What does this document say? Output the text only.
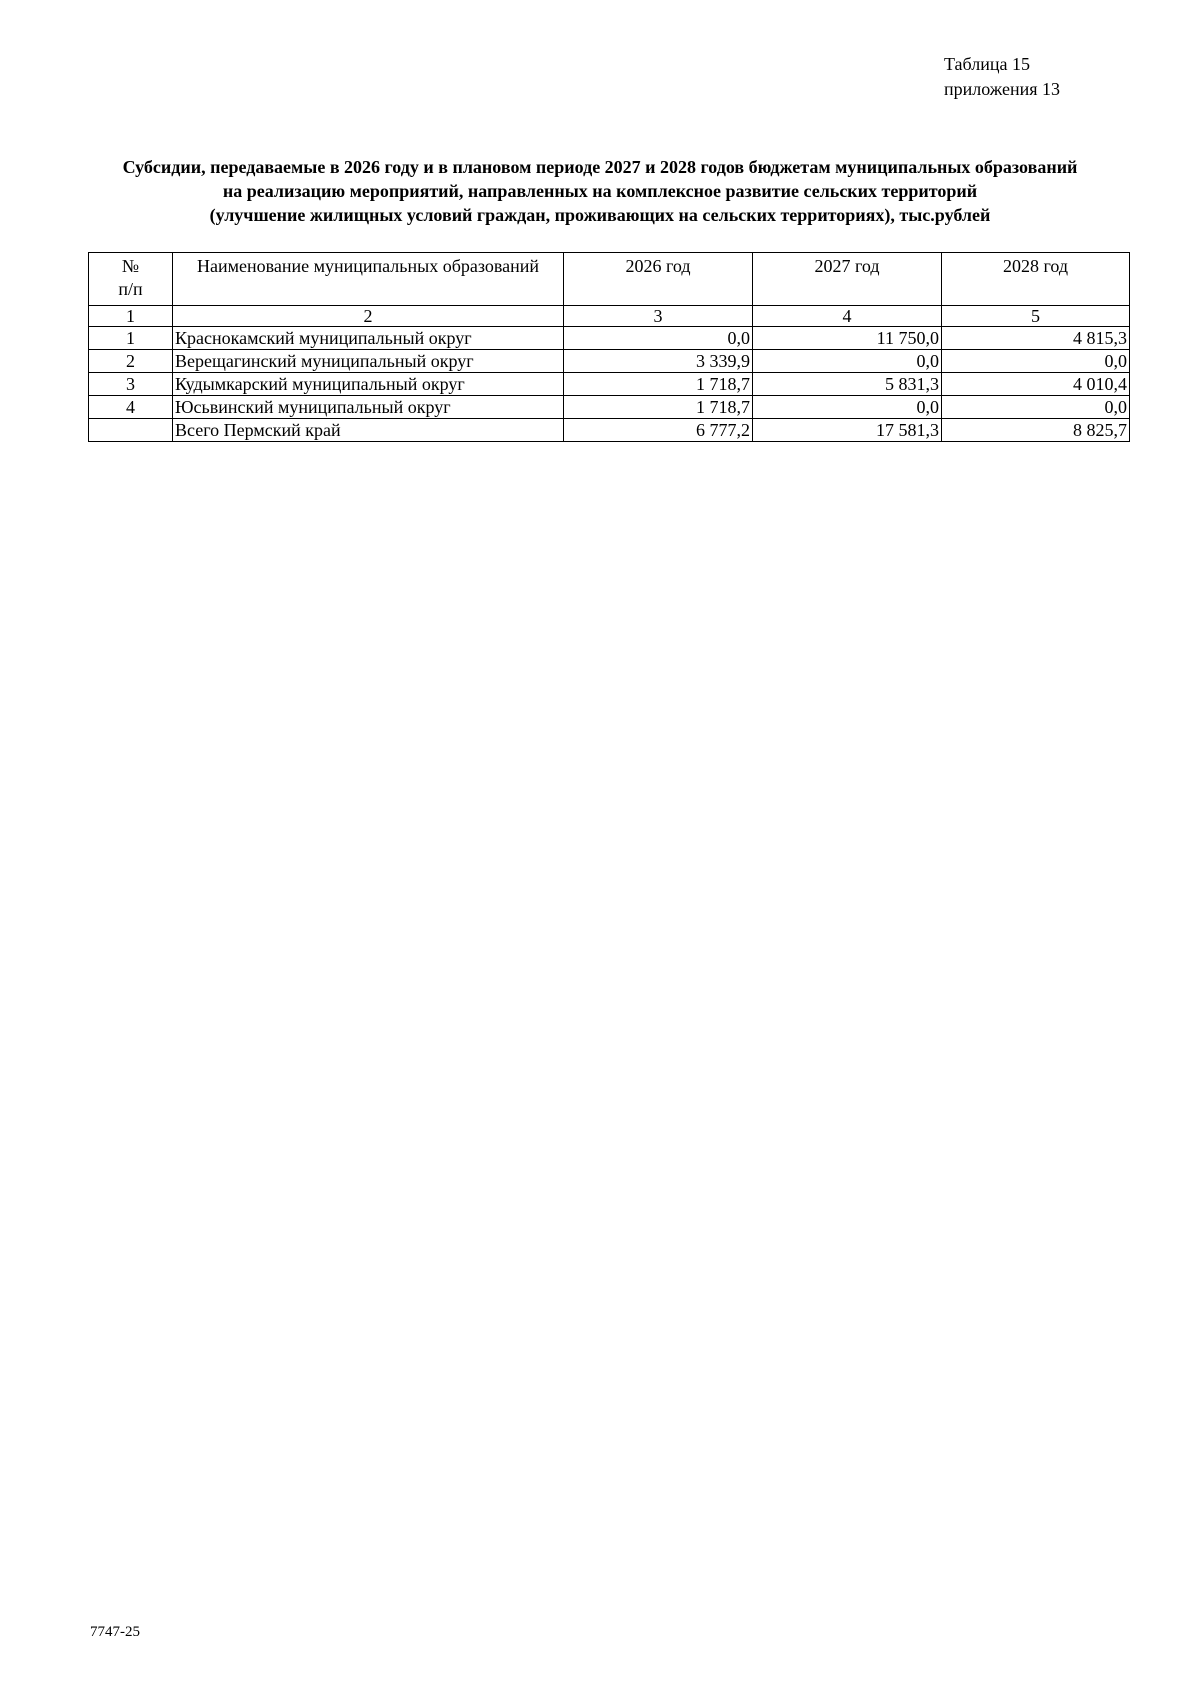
Таблица 15
приложения 13
Субсидии, передаваемые в 2026 году и в плановом периоде 2027 и 2028 годов бюджетам муниципальных образований
на реализацию мероприятий, направленных на комплексное развитие сельских территорий
(улучшение жилищных условий граждан, проживающих на сельских территориях), тыс.рублей
№
п/п	Наименование муниципальных образований	2026 год	2027 год	2028 год
1	2	3	4	5
1	Краснокамский муниципальный округ	0,0	11 750,0	4 815,3
2	Верещагинский муниципальный округ	3 339,9	0,0	0,0
3	Кудымкарский муниципальный округ	1 718,7	5 831,3	4 010,4
4	Юсьвинский муниципальный округ	1 718,7	0,0	0,0
	Всего Пермский край	6 777,2	17 581,3	8 825,7
7747-25
